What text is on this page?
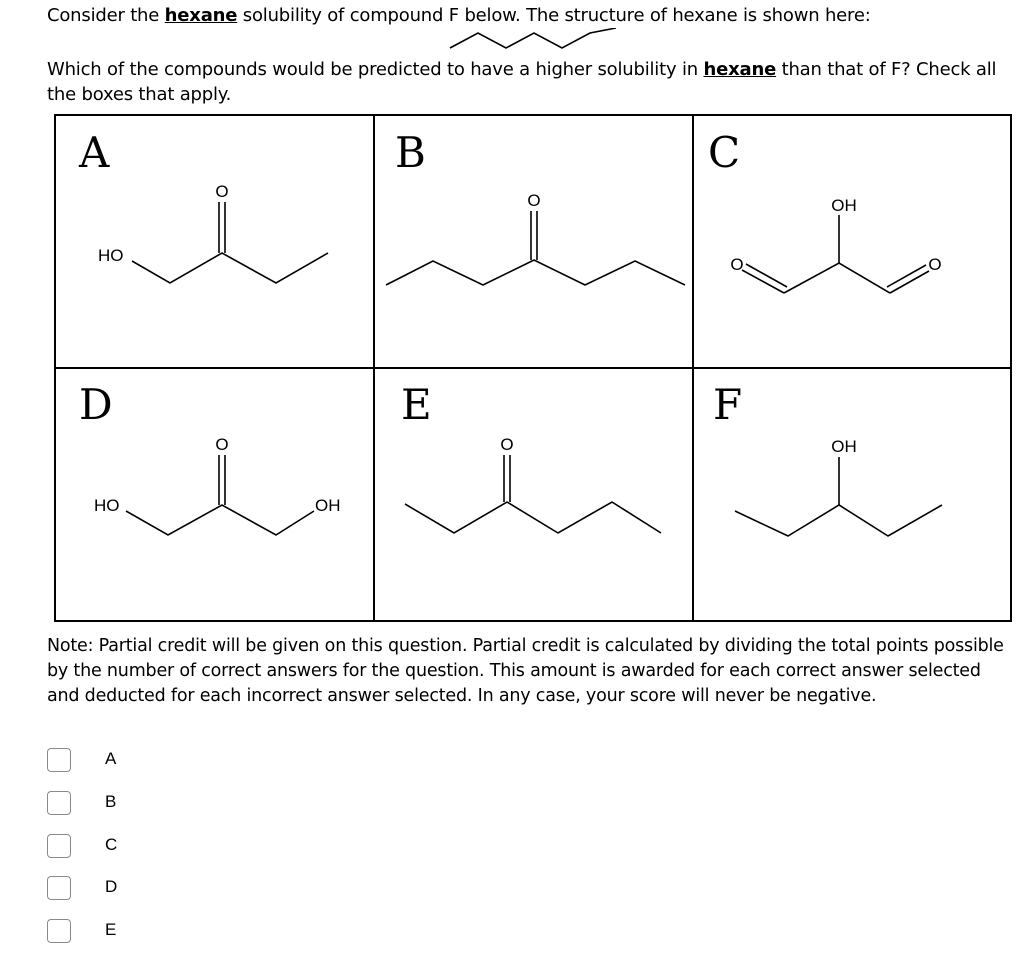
Consider the hexane solubility of compound F below. The structure of hexane is shown here:

Which of the compounds would be predicted to have a higher solubility in hexane than that of F? Check all the boxes that apply.

A
O
HO
B
O
C
OH
O	O
D
O
HO	OH
E
O
F
OH

Note: Partial credit will be given on this question. Partial credit is calculated by dividing the total points possible by the number of correct answers for the question. This amount is awarded for each correct answer selected and deducted for each incorrect answer selected. In any case, your score will never be negative.

A
B
C
D
E
